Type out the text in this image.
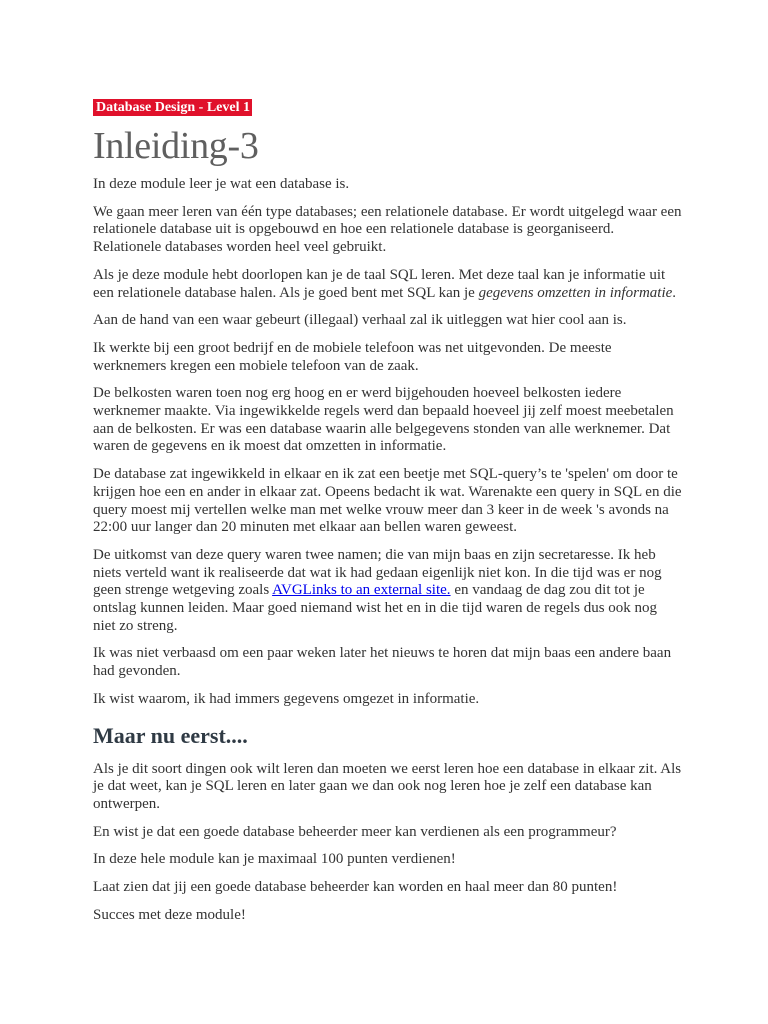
Database Design - Level 1
Inleiding-3

In deze module leer je wat een database is.

We gaan meer leren van één type databases; een relationele database. Er wordt uitgelegd waar een relationele database uit is opgebouwd en hoe een relationele database is georganiseerd. Relationele databases worden heel veel gebruikt.

Als je deze module hebt doorlopen kan je de taal SQL leren. Met deze taal kan je informatie uit een relationele database halen. Als je goed bent met SQL kan je gegevens omzetten in informatie.

Aan de hand van een waar gebeurt (illegaal) verhaal zal ik uitleggen wat hier cool aan is.

Ik werkte bij een groot bedrijf en de mobiele telefoon was net uitgevonden. De meeste werknemers kregen een mobiele telefoon van de zaak.

De belkosten waren toen nog erg hoog en er werd bijgehouden hoeveel belkosten iedere werknemer maakte. Via ingewikkelde regels werd dan bepaald hoeveel jij zelf moest meebetalen aan de belkosten. Er was een database waarin alle belgegevens stonden van alle werknemer. Dat waren de gegevens en ik moest dat omzetten in informatie.

De database zat ingewikkeld in elkaar en ik zat een beetje met SQL-query’s te 'spelen' om door te krijgen hoe een en ander in elkaar zat. Opeens bedacht ik wat. Warenakte een query in SQL en die query moest mij vertellen welke man met welke vrouw meer dan 3 keer in de week 's avonds na 22:00 uur langer dan 20 minuten met elkaar aan bellen waren geweest.

De uitkomst van deze query waren twee namen; die van mijn baas en zijn secretaresse. Ik heb niets verteld want ik realiseerde dat wat ik had gedaan eigenlijk niet kon. In die tijd was er nog geen strenge wetgeving zoals AVGLinks to an external site. en vandaag de dag zou dit tot je ontslag kunnen leiden. Maar goed niemand wist het en in die tijd waren de regels dus ook nog niet zo streng.

Ik was niet verbaasd om een paar weken later het nieuws te horen dat mijn baas een andere baan had gevonden.

Ik wist waarom, ik had immers gegevens omgezet in informatie.

Maar nu eerst....

Als je dit soort dingen ook wilt leren dan moeten we eerst leren hoe een database in elkaar zit. Als je dat weet, kan je SQL leren en later gaan we dan ook nog leren hoe je zelf een database kan ontwerpen.

En wist je dat een goede database beheerder meer kan verdienen als een programmeur?

In deze hele module kan je maximaal 100 punten verdienen!

Laat zien dat jij een goede database beheerder kan worden en haal meer dan 80 punten!

Succes met deze module!
